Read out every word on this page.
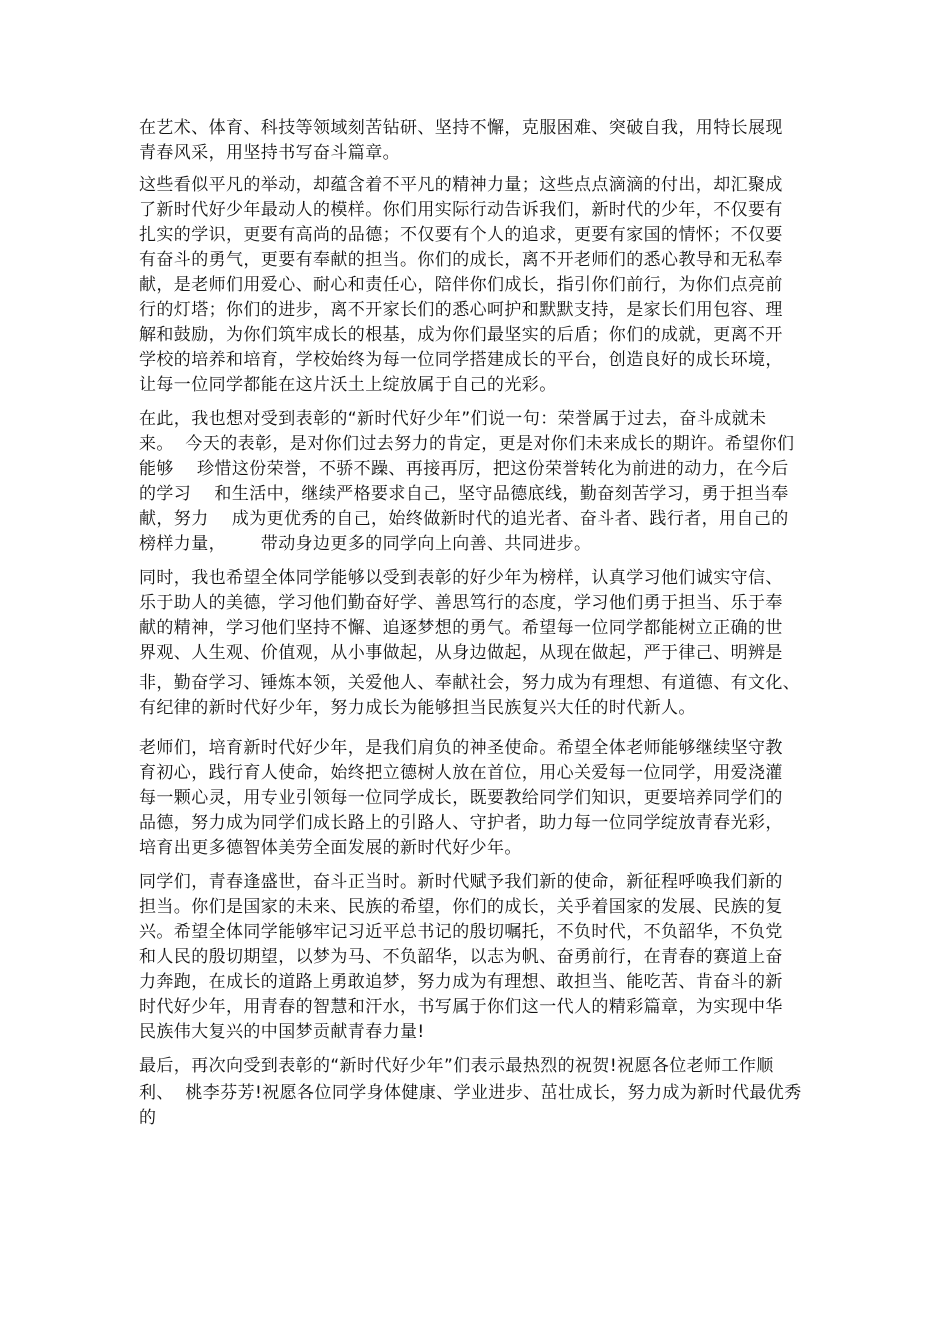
在艺术、体育、科技等领域刻苦钻研、坚持不懈，克服困难、突破自我，用特长展现
青春风采，用坚持书写奋斗篇章。
这些看似平凡的举动，却蕴含着不平凡的精神力量；这些点点滴滴的付出，却汇聚成
了新时代好少年最动人的模样。你们用实际行动告诉我们，新时代的少年，不仅要有
扎实的学识，更要有高尚的品德；不仅要有个人的追求，更要有家国的情怀；不仅要
有奋斗的勇气，更要有奉献的担当。你们的成长，离不开老师们的悉心教导和无私奉
献，是老师们用爱心、耐心和责任心，陪伴你们成长，指引你们前行，为你们点亮前
行的灯塔；你们的进步，离不开家长们的悉心呵护和默默支持，是家长们用包容、理
解和鼓励，为你们筑牢成长的根基，成为你们最坚实的后盾；你们的成就，更离不开
学校的培养和培育，学校始终为每一位同学搭建成长的平台，创造良好的成长环境，
让每一位同学都能在这片沃土上绽放属于自己的光彩。
在此，我也想对受到表彰的“新时代好少年”们说一句：荣誉属于过去，奋斗成就未
来。  今天的表彰，是对你们过去努力的肯定，更是对你们未来成长的期许。希望你们
能够    珍惜这份荣誉，不骄不躁、再接再厉，把这份荣誉转化为前进的动力，在今后
的学习    和生活中，继续严格要求自己，坚守品德底线，勤奋刻苦学习，勇于担当奉
献，努力    成为更优秀的自己，始终做新时代的追光者、奋斗者、践行者，用自己的
榜样力量，      带动身边更多的同学向上向善、共同进步。
同时，我也希望全体同学能够以受到表彰的好少年为榜样，认真学习他们诚实守信、
乐于助人的美德，学习他们勤奋好学、善思笃行的态度，学习他们勇于担当、乐于奉
献的精神，学习他们坚持不懈、追逐梦想的勇气。希望每一位同学都能树立正确的世
界观、人生观、价值观，从小事做起，从身边做起，从现在做起，严于律己、明辨是
非，勤奋学习、锤炼本领，关爱他人、奉献社会，努力成为有理想、有道德、有文化、
有纪律的新时代好少年，努力成长为能够担当民族复兴大任的时代新人。
老师们，培育新时代好少年，是我们肩负的神圣使命。希望全体老师能够继续坚守教
育初心，践行育人使命，始终把立德树人放在首位，用心关爱每一位同学，用爱浇灌
每一颗心灵，用专业引领每一位同学成长，既要教给同学们知识，更要培养同学们的
品德，努力成为同学们成长路上的引路人、守护者，助力每一位同学绽放青春光彩，
培育出更多德智体美劳全面发展的新时代好少年。
同学们，青春逢盛世，奋斗正当时。新时代赋予我们新的使命，新征程呼唤我们新的
担当。你们是国家的未来、民族的希望，你们的成长，关乎着国家的发展、民族的复
兴。希望全体同学能够牢记习近平总书记的殷切嘱托，不负时代，不负韶华，不负党
和人民的殷切期望，以梦为马、不负韶华，以志为帆、奋勇前行，在青春的赛道上奋
力奔跑，在成长的道路上勇敢追梦，努力成为有理想、敢担当、能吃苦、肯奋斗的新
时代好少年，用青春的智慧和汗水，书写属于你们这一代人的精彩篇章，为实现中华
民族伟大复兴的中国梦贡献青春力量!
最后，再次向受到表彰的“新时代好少年”们表示最热烈的祝贺!祝愿各位老师工作顺
利、  桃李芬芳!祝愿各位同学身体健康、学业进步、茁壮成长，努力成为新时代最优秀
的
